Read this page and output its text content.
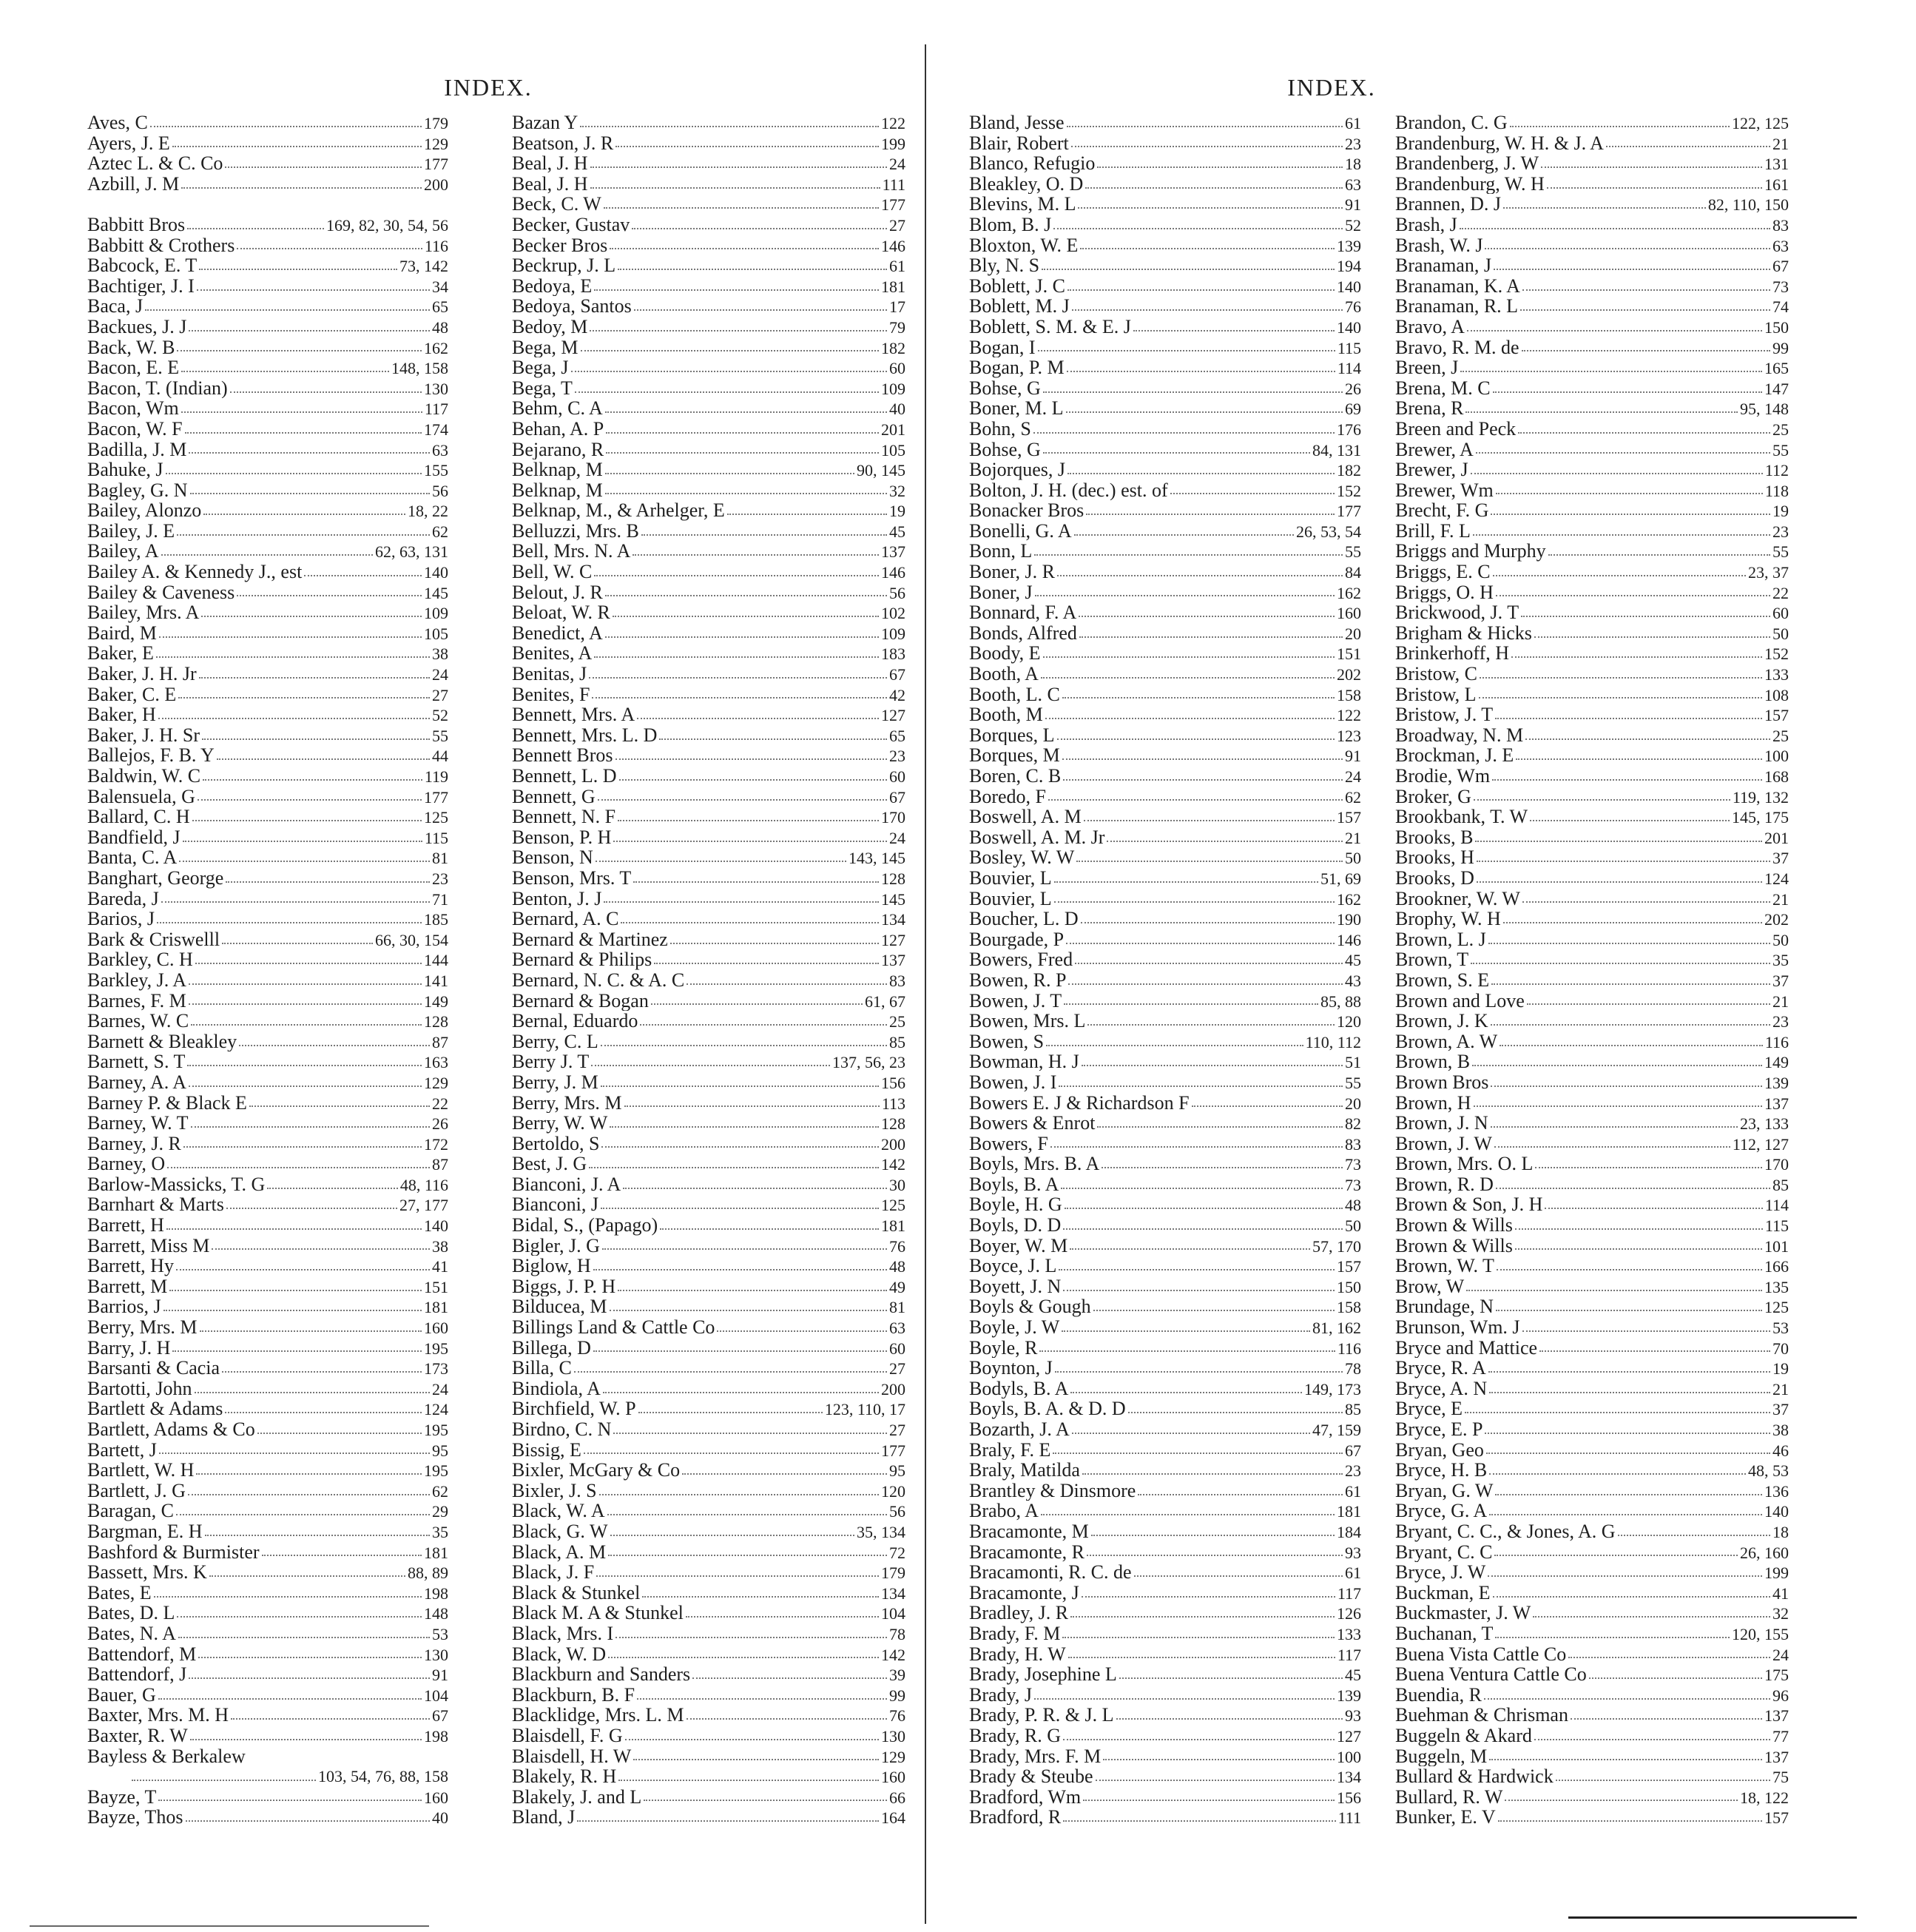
INDEX.	INDEX.
Aves, C	179
Ayers, J. E	129
Aztec L. & C. Co	177
Azbill, J. M	200
Babbitt Bros	169, 82, 30, 54, 56
Babbitt & Crothers	116
Babcock, E. T	73, 142
Bachtiger, J. I	34
Baca, J	65
Backues, J. J	48
Back, W. B	162
Bacon, E. E	148, 158
Bacon, T. (Indian)	130
Bacon, Wm	117
Bacon, W. F	174
Badilla, J. M	63
Bahuke, J	155
Bagley, G. N	56
Bailey, Alonzo	18, 22
Bailey, J. E	62
Bailey, A	62, 63, 131
Bailey A. & Kennedy J., est	140
Bailey & Caveness	145
Bailey, Mrs. A	109
Baird, M	105
Baker, E	38
Baker, J. H. Jr	24
Baker, C. E	27
Baker, H	52
Baker, J. H. Sr	55
Ballejos, F. B. Y	44
Baldwin, W. C	119
Balensuela, G	177
Ballard, C. H	125
Bandfield, J	115
Banta, C. A	81
Banghart, George	23
Bareda, J	71
Barios, J	185
Bark & Criswelll	66, 30, 154
Barkley, C. H	144
Barkley, J. A	141
Barnes, F. M	149
Barnes, W. C	128
Barnett & Bleakley	87
Barnett, S. T	163
Barney, A. A	129
Barney P. & Black E	22
Barney, W. T	26
Barney, J. R	172
Barney, O	87
Barlow-Massicks, T. G	48, 116
Barnhart & Marts	27, 177
Barrett, H	140
Barrett, Miss M	38
Barrett, Hy	41
Barrett, M	151
Barrios, J	181
Berry, Mrs. M	160
Barry, J. H	195
Barsanti & Cacia	173
Bartotti, John	24
Bartlett & Adams	124
Bartlett, Adams & Co	195
Bartett, J	95
Bartlett, W. H	195
Bartlett, J. G	62
Baragan, C	29
Bargman, E. H	35
Bashford & Burmister	181
Bassett, Mrs. K	88, 89
Bates, E	198
Bates, D. L	148
Bates, N. A	53
Battendorf, M	130
Battendorf, J	91
Bauer, G	104
Baxter, Mrs. M. H	67
Baxter, R. W	198
Bayless & Berkalew
103, 54, 76, 88, 158
Bayze, T	160
Bayze, Thos	40
Bazan Y	122
Beatson, J. R	199
Beal, J. H	24
Beal, J. H	111
Beck, C. W	177
Becker, Gustav	27
Becker Bros	146
Beckrup, J. L	61
Bedoya, E	181
Bedoya, Santos	17
Bedoy, M	79
Bega, M	182
Bega, J	60
Bega, T	109
Behm, C. A	40
Behan, A. P	201
Bejarano, R	105
Belknap, M	90, 145
Belknap, M	32
Belknap, M., & Arhelger, E	19
Belluzzi, Mrs. B	45
Bell, Mrs. N. A	137
Bell, W. C	146
Belout, J. R	56
Beloat, W. R	102
Benedict, A	109
Benites, A	183
Benitas, J	67
Benites, F	42
Bennett, Mrs. A	127
Bennett, Mrs. L. D	65
Bennett Bros	23
Bennett, L. D	60
Bennett, G	67
Bennett, N. F	170
Benson, P. H	24
Benson, N	143, 145
Benson, Mrs. T	128
Benton, J. J	145
Bernard, A. C	134
Bernard & Martinez	127
Bernard & Philips	137
Bernard, N. C. & A. C	83
Bernard & Bogan	61, 67
Bernal, Eduardo	25
Berry, C. L	85
Berry J. T	137, 56, 23
Berry, J. M	156
Berry, Mrs. M	113
Berry, W. W	128
Bertoldo, S	200
Best, J. G	142
Bianconi, J. A	30
Bianconi, J	125
Bidal, S., (Papago)	181
Bigler, J. G	76
Biglow, H	48
Biggs, J. P. H	49
Bilducea, M	81
Billings Land & Cattle Co	63
Billega, D	60
Billa, C	27
Bindiola, A	200
Birchfield, W. P	123, 110, 17
Birdno, C. N	27
Bissig, E	177
Bixler, McGary & Co	95
Bixler, J. S	120
Black, W. A	56
Black, G. W	35, 134
Black, A. M	72
Black, J. F	179
Black & Stunkel	134
Black M. A & Stunkel	104
Black, Mrs. I	78
Black, W. D	142
Blackburn and Sanders	39
Blackburn, B. F	99
Blacklidge, Mrs. L. M	76
Blaisdell, F. G	130
Blaisdell, H. W	129
Blakely, R. H	160
Blakely, J. and L	66
Bland, J	164
Bland, Jesse	61
Blair, Robert	23
Blanco, Refugio	18
Bleakley, O. D	63
Blevins, M. L	91
Blom, B. J	52
Bloxton, W. E	139
Bly, N. S	194
Boblett, J. C	140
Boblett, M. J	76
Boblett, S. M. & E. J	140
Bogan, I	115
Bogan, P. M	114
Bohse, G	26
Boner, M. L	69
Bohn, S	176
Bohse, G	84, 131
Bojorques, J	182
Bolton, J. H. (dec.) est. of	152
Bonacker Bros	177
Bonelli, G. A	26, 53, 54
Bonn, L	55
Boner, J. R	84
Boner, J	162
Bonnard, F. A	160
Bonds, Alfred	20
Boody, E	151
Booth, A	202
Booth, L. C	158
Booth, M	122
Borques, L	123
Borques, M	91
Boren, C. B	24
Boredo, F	62
Boswell, A. M	157
Boswell, A. M. Jr	21
Bosley, W. W	50
Bouvier, L	51, 69
Bouvier, L	162
Boucher, L. D	190
Bourgade, P	146
Bowers, Fred	45
Bowen, R. P	43
Bowen, J. T	85, 88
Bowen, Mrs. L	120
Bowen, S	110, 112
Bowman, H. J	51
Bowen, J. I	55
Bowers E. J & Richardson F	20
Bowers & Enrot	82
Bowers, F	83
Boyls, Mrs. B. A	73
Boyls, B. A	73
Boyle, H. G	48
Boyls, D. D	50
Boyer, W. M	57, 170
Boyce, J. L	157
Boyett, J. N	150
Boyls & Gough	158
Boyle, J. W	81, 162
Boyle, R	116
Boynton, J	78
Bodyls, B. A	149, 173
Boyls, B. A. & D. D	85
Bozarth, J. A	47, 159
Braly, F. E	67
Braly, Matilda	23
Brantley & Dinsmore	61
Brabo, A	181
Bracamonte, M	184
Bracamonte, R	93
Bracamonti, R. C. de	61
Bracamonte, J	117
Bradley, J. R	126
Brady, F. M	133
Brady, H. W	117
Brady, Josephine L	45
Brady, J	139
Brady, P. R. & J. L	93
Brady, R. G	127
Brady, Mrs. F. M	100
Brady & Steube	134
Bradford, Wm	156
Bradford, R	111
Brandon, C. G	122, 125
Brandenburg, W. H. & J. A	21
Brandenberg, J. W	131
Brandenburg, W. H	161
Brannen, D. J	82, 110, 150
Brash, J	83
Brash, W. J	63
Branaman, J	67
Branaman, K. A	73
Branaman, R. L	74
Bravo, A	150
Bravo, R. M. de	99
Breen, J	165
Brena, M. C	147
Brena, R	95, 148
Breen and Peck	25
Brewer, A	55
Brewer, J	112
Brewer, Wm	118
Brecht, F. G	19
Brill, F. L	23
Briggs and Murphy	55
Briggs, E. C	23, 37
Briggs, O. H	22
Brickwood, J. T	60
Brigham & Hicks	50
Brinkerhoff, H	152
Bristow, C	133
Bristow, L	108
Bristow, J. T	157
Broadway, N. M	25
Brockman, J. E	100
Brodie, Wm	168
Broker, G	119, 132
Brookbank, T. W	145, 175
Brooks, B	201
Brooks, H	37
Brooks, D	124
Brookner, W. W	21
Brophy, W. H	202
Brown, L. J	50
Brown, T	35
Brown, S. E	37
Brown and Love	21
Brown, J. K	23
Brown, A. W	116
Brown, B	149
Brown Bros	139
Brown, H	137
Brown, J. N	23, 133
Brown, J. W	112, 127
Brown, Mrs. O. L	170
Brown, R. D	85
Brown & Son, J. H	114
Brown & Wills	115
Brown & Wills	101
Brown, W. T	166
Brow, W	135
Brundage, N	125
Brunson, Wm. J	53
Bryce and Mattice	70
Bryce, R. A	19
Bryce, A. N	21
Bryce, E	37
Bryce, E. P	38
Bryan, Geo	46
Bryce, H. B	48, 53
Bryan, G. W	136
Bryce, G. A	140
Bryant, C. C., & Jones, A. G	18
Bryant, C. C	26, 160
Bryce, J. W	199
Buckman, E	41
Buckmaster, J. W	32
Buchanan, T	120, 155
Buena Vista Cattle Co	24
Buena Ventura Cattle Co	175
Buendia, R	96
Buehman & Chrisman	137
Buggeln & Akard	77
Buggeln, M	137
Bullard & Hardwick	75
Bullard, R. W	18, 122
Bunker, E. V	157
